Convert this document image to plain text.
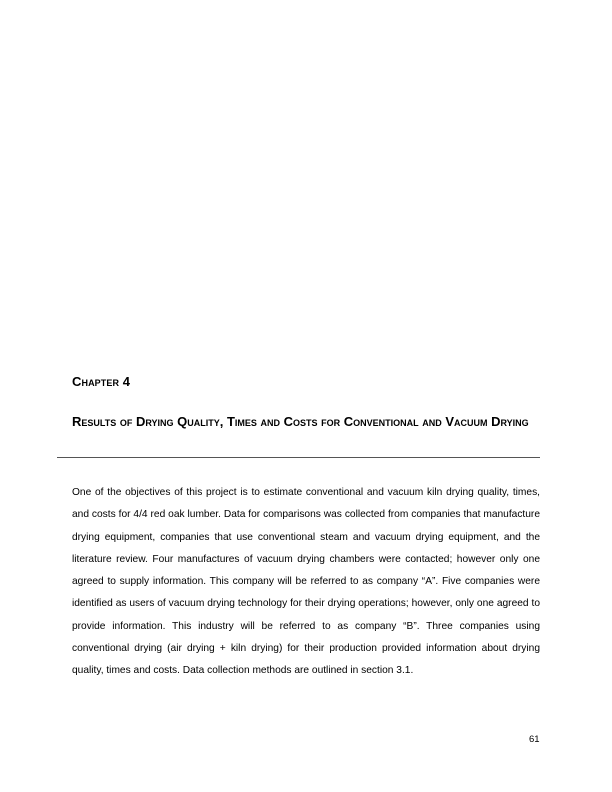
Chapter 4
Results of Drying Quality, Times and Costs for Conventional and Vacuum Drying

One of the objectives of this project is to estimate conventional and vacuum kiln drying quality, times, and costs for 4/4 red oak lumber. Data for comparisons was collected from companies that manufacture drying equipment, companies that use conventional steam and vacuum drying equipment, and the literature review. Four manufactures of vacuum drying chambers were contacted; however only one agreed to supply information. This company will be referred to as company “A”. Five companies were identified as users of vacuum drying technology for their drying operations; however, only one agreed to provide information. This industry will be referred to as company “B”. Three companies using conventional drying (air drying + kiln drying) for their production provided information about drying quality, times and costs. Data collection methods are outlined in section 3.1.

61
